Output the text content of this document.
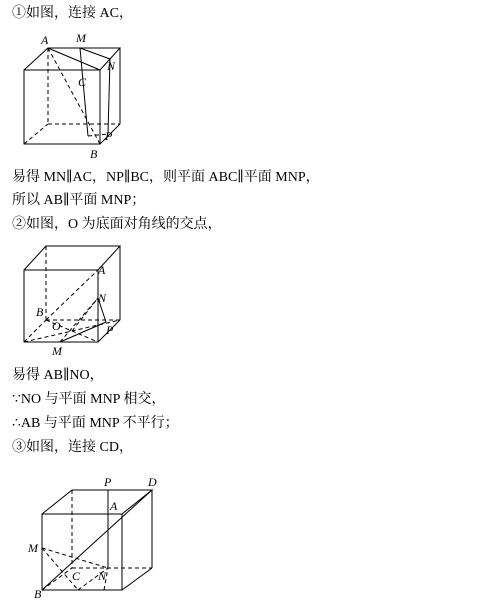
①如图，连接 AC，
A M
N
C
P
B
易得 MN∥AC，NP∥BC，则平面 ABC∥平面 MNP，
所以 AB∥平面 MNP；
②如图，O 为底面对角线的交点，
A
N
B
O	P
M
易得 AB∥NO，
∵NO 与平面 MNP 相交，
∴AB 与平面 MNP 不平行；
③如图，连接 CD，
P
A
D
M
C N
B
